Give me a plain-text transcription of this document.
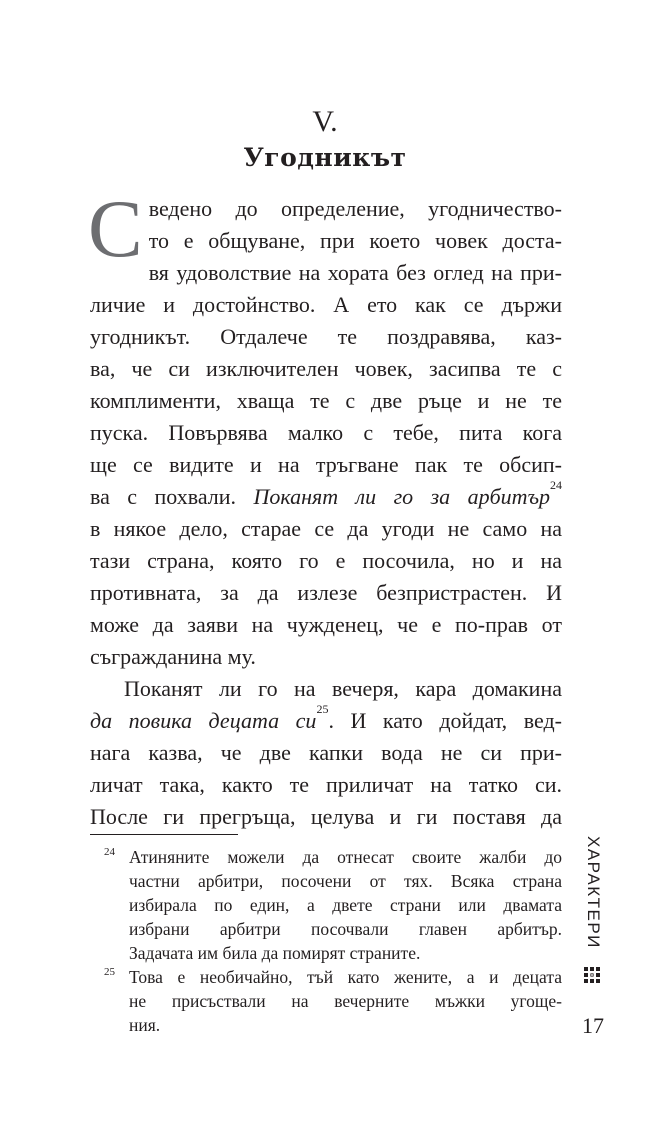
V.
Угодникът
С ведено до определение, угодничество-
то е общуване, при което човек доста-
вя удоволствие на хората без оглед на при-
личие и достойнство. А ето как се държи
угодникът. Отдалече те поздравява, каз-
ва, че си изключителен човек, засипва те с
комплименти, хваща те с две ръце и не те
пуска. Повървява малко с тебе, пита кога
ще се видите и на тръгване пак те обсип-
ва с похвали. Поканят ли го за арбитър$^{24}$
в някое дело, старае се да угоди не само на
тази страна, която го е посочила, но и на
противната, за да излезе безпристрастен. И
може да заяви на чужденец, че е по-прав от
съгражданина му.
Поканят ли го на вечеря, кара домакина
да повика децата си$^{25}$. И като дойдат, вед-
нага казва, че две капки вода не си при-
личат така, както те приличат на татко си.
После ги прегръща, целува и ги поставя да
24 Атиняните можели да отнесат своите жалби до
частни арбитри, посочени от тях. Всяка страна
избирала по един, а двете страни или двамата
избрани арбитри посочвали главен арбитър.
Задачата им била да помирят страните.
25 Това е необичайно, тъй като жените, а и децата
не присъствали на вечерните мъжки угоще-
ния.
ХАРАКТЕРИ
17
